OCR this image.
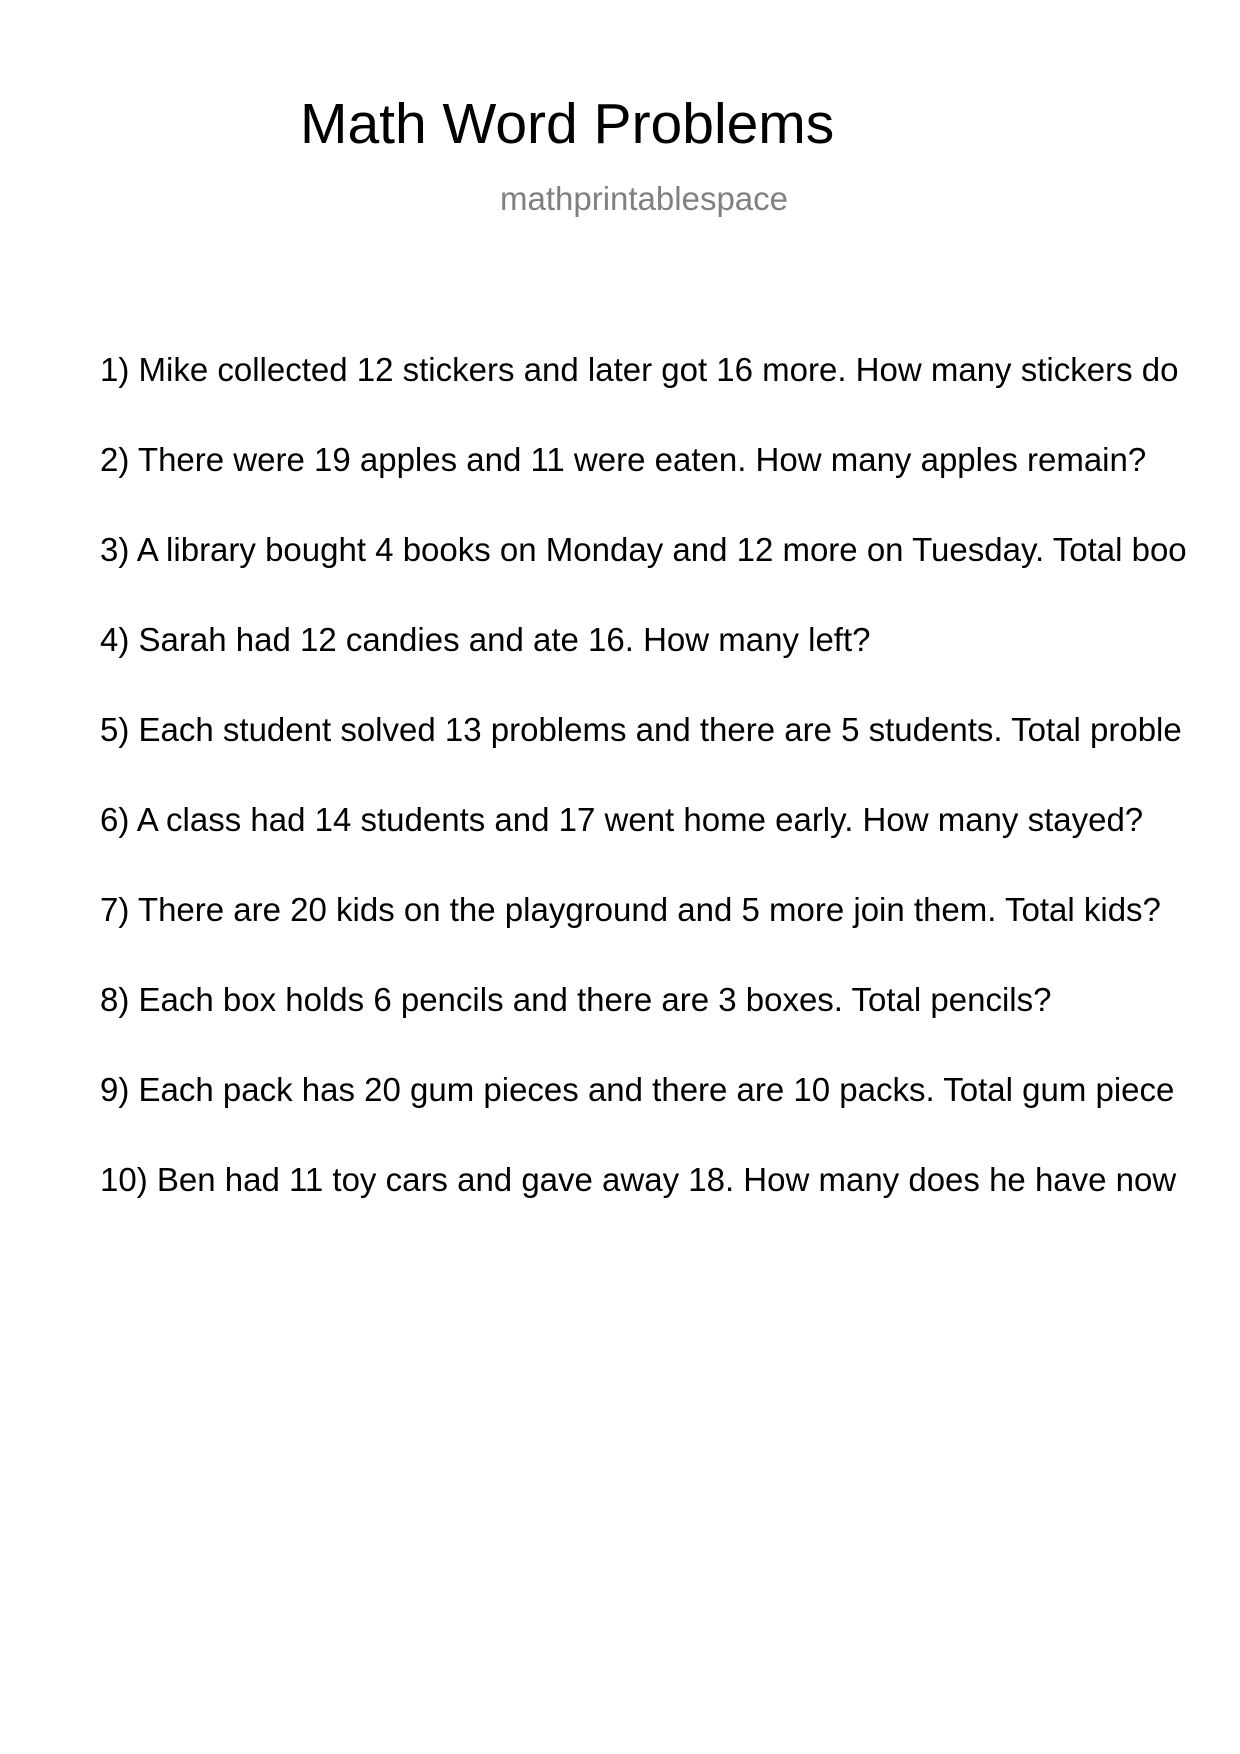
Math Word Problems
mathprintablespace
1) Mike collected 12 stickers and later got 16 more. How many stickers do
2) There were 19 apples and 11 were eaten. How many apples remain?
3) A library bought 4 books on Monday and 12 more on Tuesday. Total boo
4) Sarah had 12 candies and ate 16. How many left?
5) Each student solved 13 problems and there are 5 students. Total proble
6) A class had 14 students and 17 went home early. How many stayed?
7) There are 20 kids on the playground and 5 more join them. Total kids?
8) Each box holds 6 pencils and there are 3 boxes. Total pencils?
9) Each pack has 20 gum pieces and there are 10 packs. Total gum piece
10) Ben had 11 toy cars and gave away 18. How many does he have now
